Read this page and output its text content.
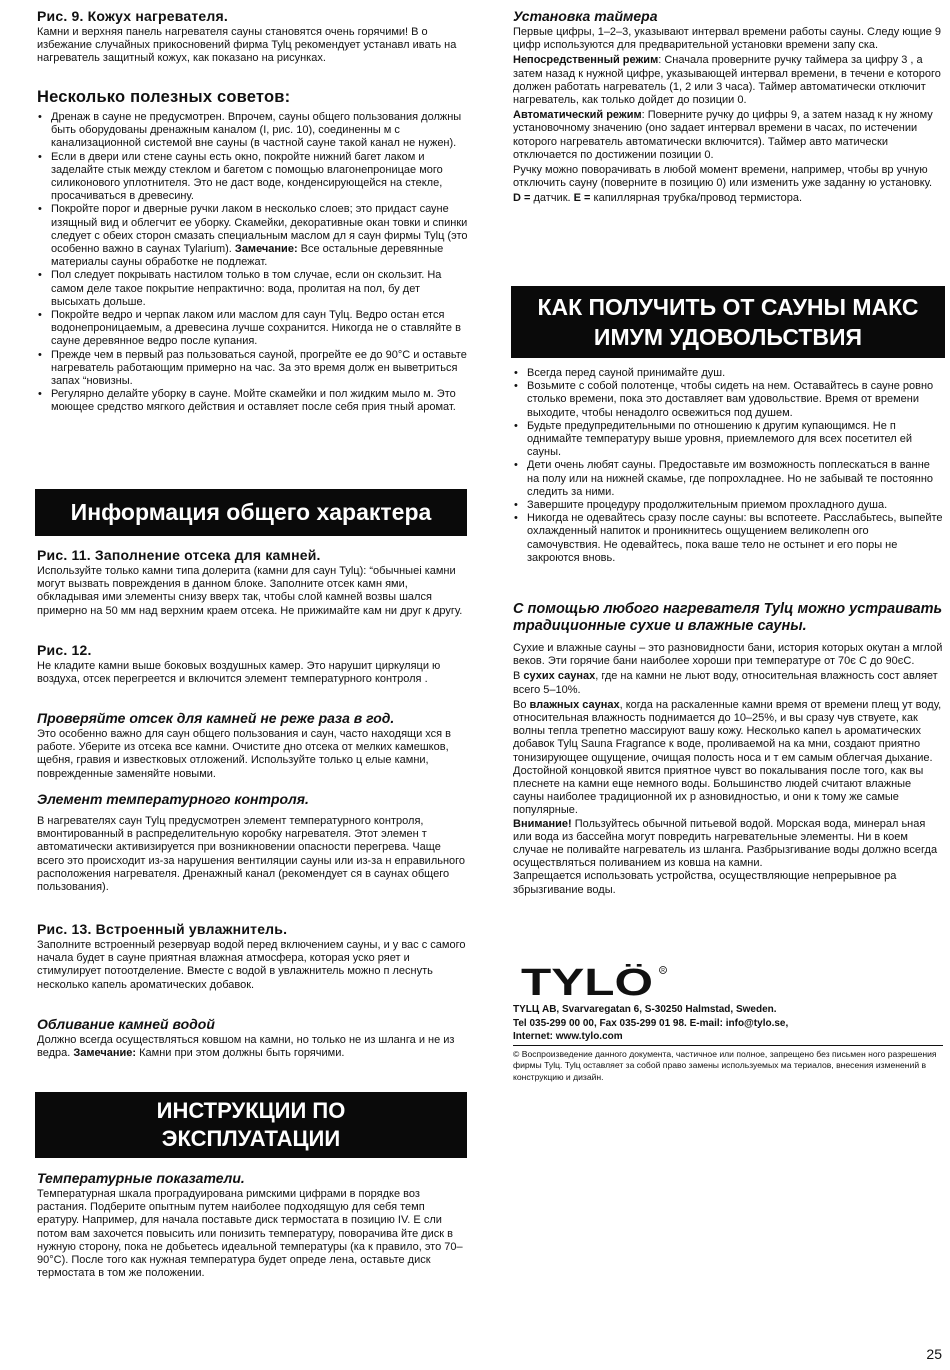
Рис. 9. Кожух нагревателя.

Камни и верхняя панель нагревателя сауны становятся очень горячими! В о избежание случайных прикосновений фирма Tylц рекомендует устанавл ивать на нагреватель защитный кожух, как показано на рисунках.

Несколько полезных советов:

• Дренаж в сауне не предусмотрен. Впрочем, сауны общего пользования должны быть оборудованы дренажным каналом (I, рис. 10), соединенны м с канализационной системой вне сауны (в частной сауне такой канал не нужен).
• Если в двери или стене сауны есть окно, покройте нижний багет лаком и заделайте стык между стеклом и багетом с помощью влагонепроницае мого силиконового уплотнителя. Это не даст воде, конденсирующейся на стекле, просачиваться в древесину.
• Покройте порог и дверные ручки лаком в несколько слоев; это придаст сауне изящный вид и облегчит ее уборку. Скамейки, декоративные окан товки и спинки следует с обеих сторон смазать специальным маслом дл я саун фирмы Tylц (это особенно важно в саунах Tylarium). Замечание: Все остальные деревянные материалы сауны обработке не подлежат.
• Пол следует покрывать настилом только в том случае, если он скользит. На самом деле такое покрытие непрактично: вода, пролитая на пол, бу дет высыхать дольше.
• Покройте ведро и черпак лаком или маслом для саун Tylц. Ведро остан ется водонепроницаемым, а древесина лучше сохранится. Никогда не о ставляйте в сауне деревянное ведро после купания.
• Прежде чем в первый раз пользоваться сауной, прогрейте ее до 90°C и оставьте нагреватель работающим примерно на час. За это время долж ен выветриться запах “новизны.
• Регулярно делайте уборку в сауне. Мойте скамейки и пол жидким мыло м. Это моющее средство мягкого действия и оставляет после себя прия тный аромат.
Информация общего характера

Рис. 11. Заполнение отсека для камней.

Используйте только камни типа долерита (камни для саун Tylц): “обычныеі камни могут вызвать повреждения в данном блоке. Заполните отсек камн ями, обкладывая ими элементы снизу вверх так, чтобы слой камней возвы шался примерно на 50 мм над верхним краем отсека. Не прижимайте кам ни друг к другу.

Рис. 12.

Не кладите камни выше боковых воздушных камер. Это нарушит циркуляци ю воздуха, отсек перегреется и включится элемент температурного контроля .

Проверяйте отсек для камней не реже раза в год.

Это особенно важно для саун общего пользования и саун, часто находящи хся в работе. Уберите из отсека все камни. Очистите дно отсека от мелких камешков, щебня, гравия и известковых отложений. Используйте только ц елые камни, поврежденные заменяйте новыми.

Элемент температурного контроля.

В нагревателях саун Tylц предусмотрен элемент температурного контроля, вмонтированный в распределительную коробку нагревателя. Этот элемен т автоматически активизируется при возникновении опасности перегрева. Чаще всего это происходит из-за нарушения вентиляции сауны или из-за н еправильного расположения нагревателя. Дренажный канал (рекомендует ся в саунах общего пользования).

Рис. 13. Встроенный увлажнитель.

Заполните встроенный резервуар водой перед включением сауны, и у вас с самого начала будет в сауне приятная влажная атмосфера, которая уско ряет и стимулирует потоотделение. Вместе с водой в увлажнитель можно п леснуть несколько капель ароматических добавок.

Обливание камней водой

Должно всегда осуществляться ковшом на камни, но только не из шланга и не из ведра. Замечание: Камни при этом должны быть горячими.

ИНСТРУКЦИИ ПО
ЭКСПЛУАТАЦИИ

Температурные показатели.

Температурная шкала проградуирована римскими цифрами в порядке воз растания. Подберите опытным путем наиболее подходящую для себя темп ературу. Например, для начала поставьте диск термостата в позицию IV. Е сли потом вам захочется повысить или понизить температуру, поворачива йте диск в нужную сторону, пока не добьетесь идеальной температуры (ка к правило, это 70–90°C). После того как нужная температура будет опреде лена, оставьте диск термостата в том же положении.

Установка таймера

Первые цифры, 1–2–3, указывают интервал времени работы сауны. Следу ющие 9 цифр используются для предварительной установки времени запу ска.

Непосредственный режим: Сначала проверните ручку таймера за цифру 3 , а затем назад к нужной цифре, указывающей интервал времени, в течени е которого должен работать нагреватель (1, 2 или 3 часа). Таймер автоматически отключит нагреватель, как только дойдет до позиции 0.

Автоматический режим: Поверните ручку до цифры 9, а затем назад к ну жному установочному значению (оно задает интервал времени в часах, по истечении которого нагреватель автоматически включится). Таймер авто матически отключается по достижении позиции 0.

Ручку можно поворачивать в любой момент времени, например, чтобы вр учную отключить сауну (поверните в позицию 0) или изменить уже заданну ю установку.

D = датчик. E = капиллярная трубка/провод термистора.

КАК ПОЛУЧИТЬ ОТ САУНЫ МАКС
ИМУМ УДОВОЛЬСТВИЯ
• Всегда перед сауной принимайте душ.
• Возьмите с собой полотенце, чтобы сидеть на нем. Оставайтесь в сауне ровно столько времени, пока это доставляет вам удовольствие. Время от времени выходите, чтобы ненадолго освежиться под душем.
• Будьте предупредительными по отношению к другим купающимся. Не п однимайте температуру выше уровня, приемлемого для всех посетител ей сауны.
• Дети очень любят сауны. Предоставьте им возможность поплескаться в ванне на полу или на нижней скамье, где попрохладнее. Но не забывай те постоянно следить за ними.
• Завершите процедуру продолжительным приемом прохладного душа.
• Никогда не одевайтесь сразу после сауны: вы вспотеете. Расслабьтесь, выпейте охлажденный напиток и проникнитесь ощущением великолепн ого самочувствия. Не одевайтесь, пока ваше тело не остынет и его поры не закроются вновь.

С помощью любого нагревателя Tylц можно устраивать традиционные сухие и влажные сауны.

Сухие и влажные сауны – это разновидности бани, история которых окутан а мглой веков. Эти горячие бани наиболее хороши при температуре от 70є C до 90єC.

В сухих саунах, где на камни не льют воду, относительная влажность сост авляет всего 5–10%.

Во влажных саунах, когда на раскаленные камни время от времени плещ ут воду, относительная влажность поднимается до 10–25%, и вы сразу чув ствуете, как волны тепла трепетно массируют вашу кожу. Несколько капел ь ароматических добавок Tylц Sauna Fragrance к воде, проливаемой на ка мни, создают приятно тонизирующее ощущение, очищая полость носа и т ем самым облегчая дыхание. Достойной концовкой явится приятное чувст во покалывания после того, как вы плеснете на камни еще немного воды. Большинство людей считают влажные сауны наиболее традиционной их р азновидностью, и они к тому же самые популярные.

Внимание! Пользуйтесь обычной питьевой водой. Морская вода, минерал ьная или вода из бассейна могут повредить нагревательные элементы. Ни в коем случае не поливайте нагреватель из шланга. Разбрызгивание воды должно всегда осуществляться поливанием из ковша на камни.

Запрещается использовать устройства, осуществляющие непрерывное ра збрызгивание воды.

TYLÖ	R

TYLЦ AB, Svarvaregatan 6, S-30250 Halmstad, Sweden.

Tel 035-299 00 00, Fax 035-299 01 98. E-mail: info@tylo.se,

Internet: www.tylo.com

© Воспроизведение данного документа, частичное или полное, запрещено без письмен ного разрешения фирмы Tylц. Tylц оставляет за собой право замены используемых ма териалов, внесения изменений в конструкцию и дизайн.

25
